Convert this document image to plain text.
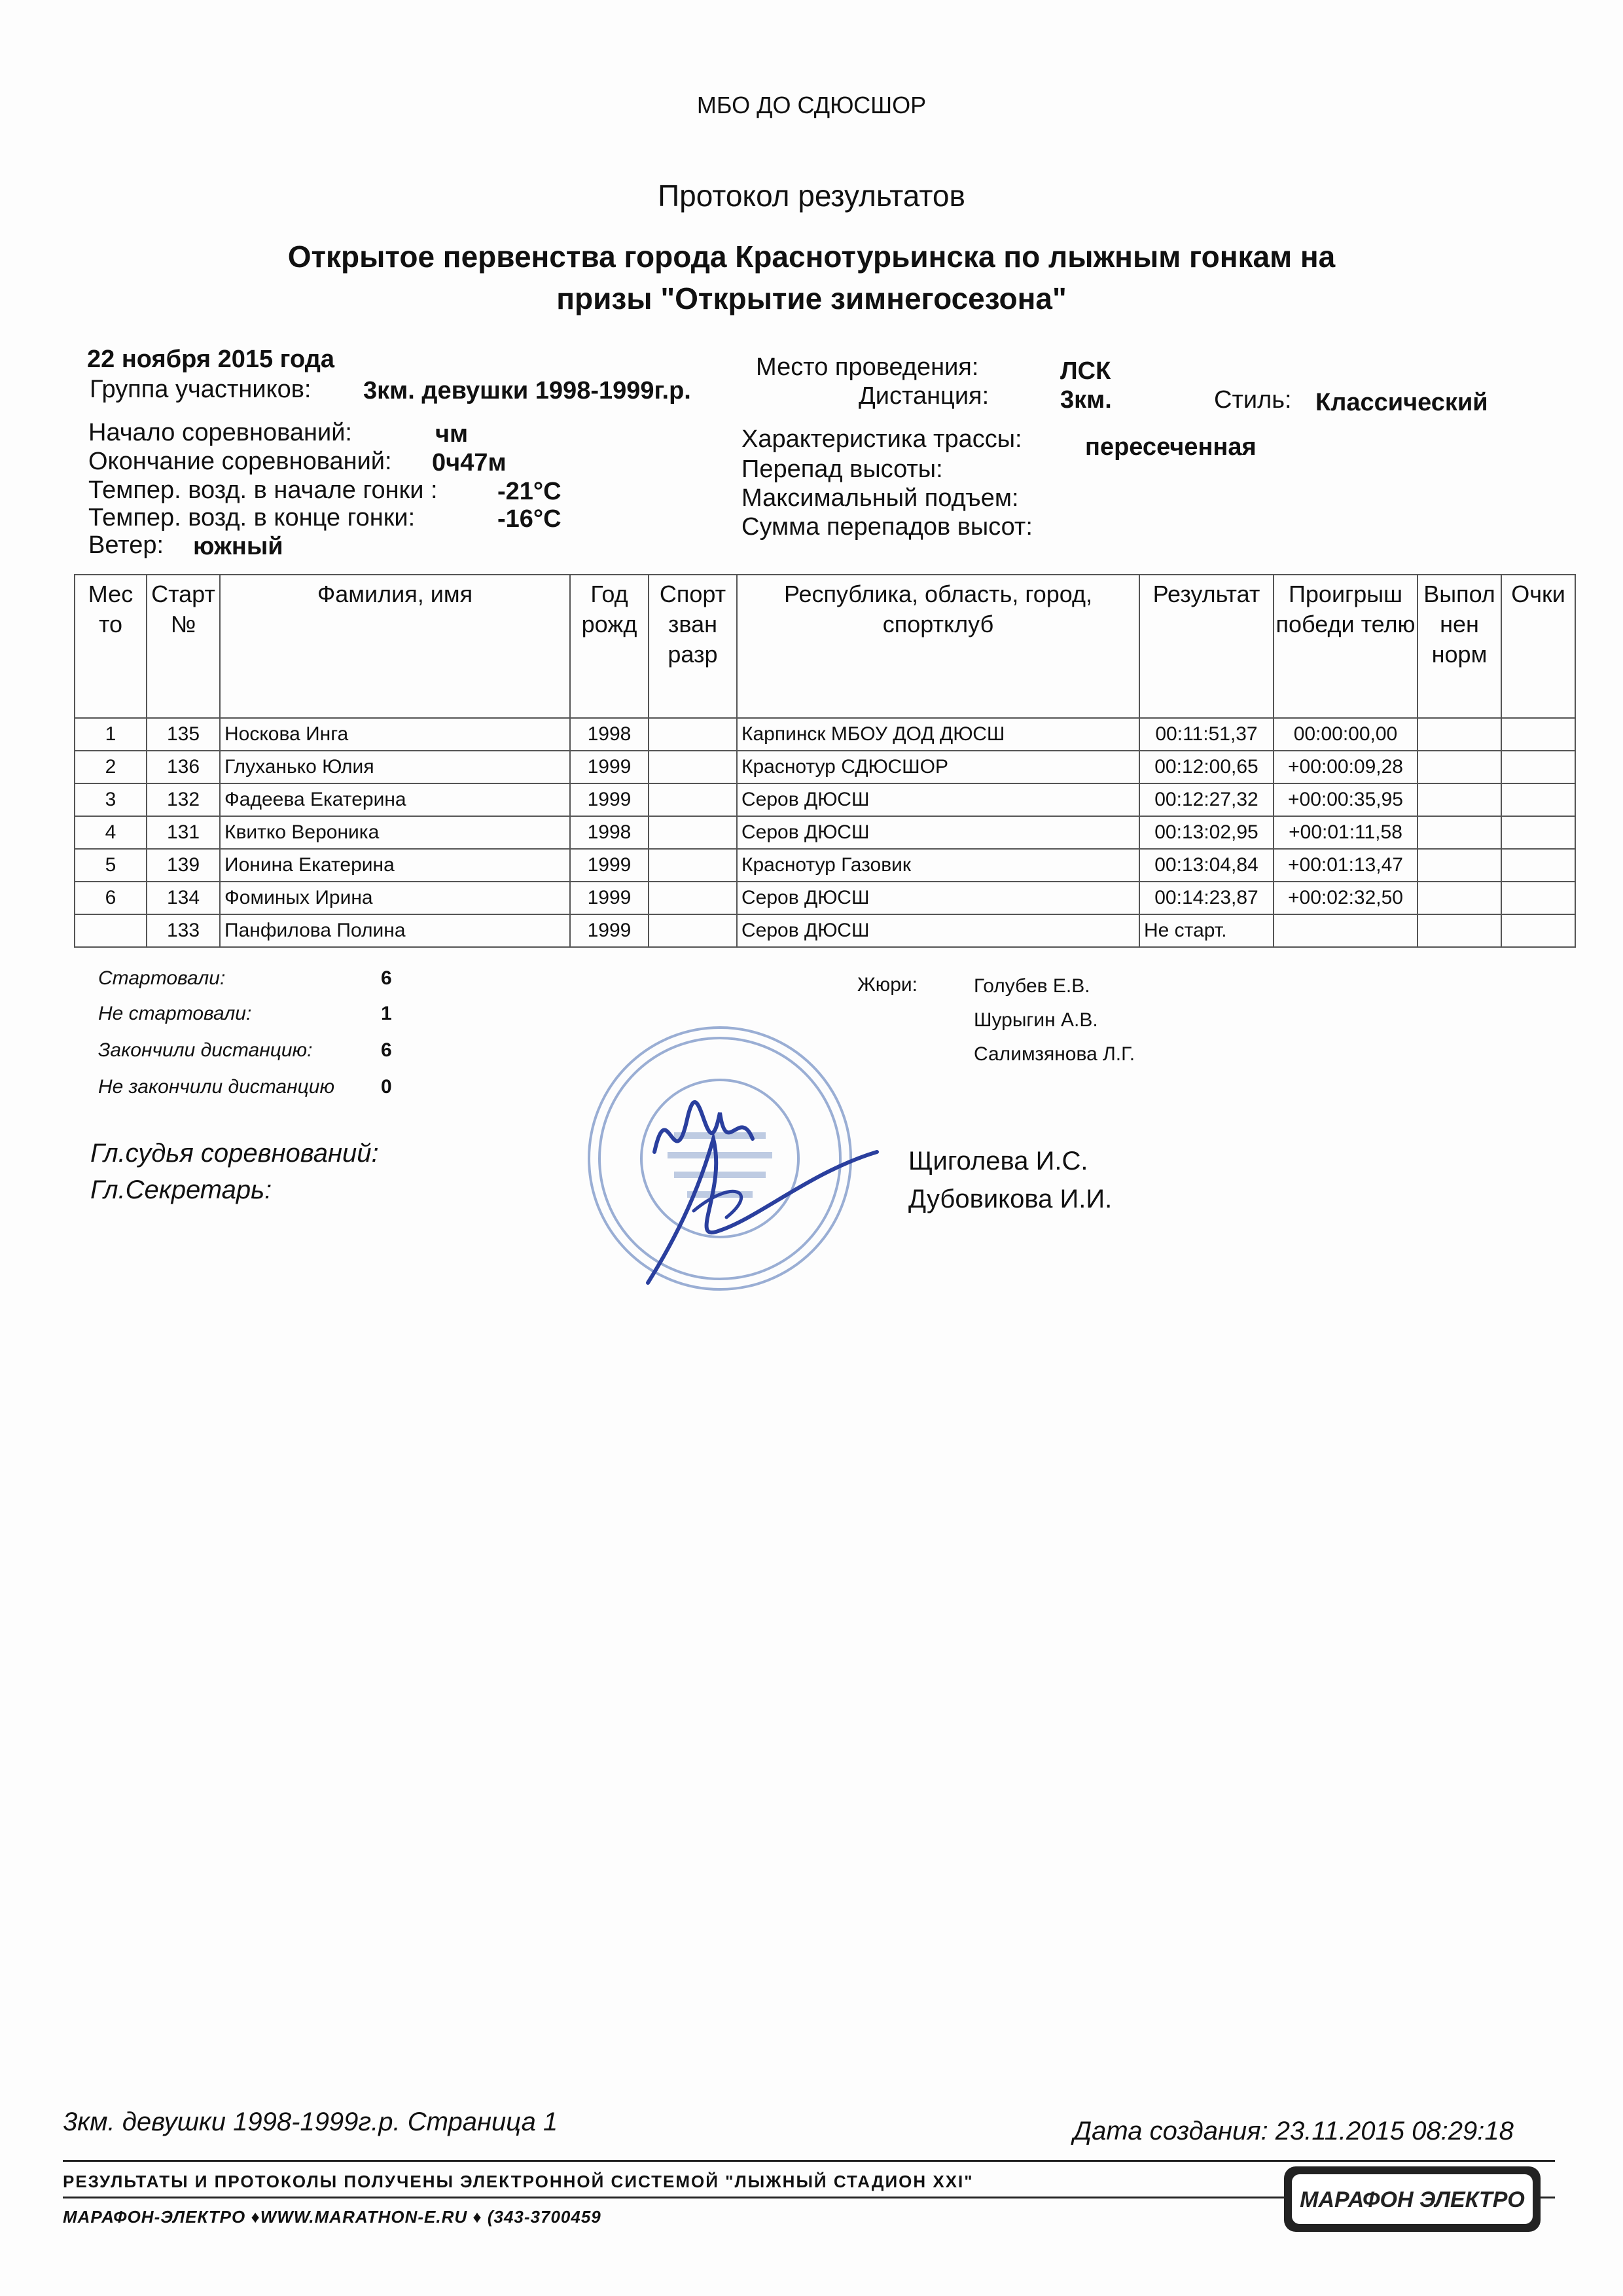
МБО ДО СДЮСШОР
Протокол результатов
Открытое первенства города Краснотурьинска по лыжным гонкам на
призы "Открытие зимнегосезона"
22 ноября 2015 года
Группа участников: 3км. девушки 1998-1999г.р.
Начало соревнований:	чм
Окончание соревнований: 0ч47м
Темпер. возд. в начале гонки : -21°C
Темпер. возд. в конце гонки:	-16°C
Ветер: южный
Место проведения:	ЛСК
Дистанция:	3км.	Стиль: Классический
Характеристика трассы:	пересеченная
Перепад высоты:
Максимальный подъем:
Сумма перепадов высот:
Мес то	Старт №	Фамилия, имя	Год рожд	Спорт зван разр	Республика, область, город, спортклуб	Результат	Проигрыш победи телю	Выпол нен норм	Очки
1	135	Носкова Инга	1998		Карпинск МБОУ ДОД ДЮСШ	00:11:51,37	00:00:00,00		
2	136	Глуханько Юлия	1999		Краснотур СДЮСШОР	00:12:00,65	+00:00:09,28		
3	132	Фадеева Екатерина	1999		Серов ДЮСШ	00:12:27,32	+00:00:35,95		
4	131	Квитко Вероника	1998		Серов ДЮСШ	00:13:02,95	+00:01:11,58		
5	139	Ионина Екатерина	1999		Краснотур Газовик	00:13:04,84	+00:01:13,47		
6	134	Фоминых Ирина	1999		Серов ДЮСШ	00:14:23,87	+00:02:32,50		
	133	Панфилова Полина	1999		Серов ДЮСШ	Не старт.			
Стартовали:	6
Не стартовали:	1
Закончили дистанцию:	6
Не закончили дистанцию 0
Жюри:	Голубев Е.В.
Шурыгин А.В.
Салимзянова Л.Г.
Гл.судья соревнований:	Щиголева И.С.
Гл.Секретарь:	Дубовикова И.И.
3км. девушки 1998-1999г.р. Страница 1	Дата создания: 23.11.2015 08:29:18
РЕЗУЛЬТАТЫ И ПРОТОКОЛЫ ПОЛУЧЕНЫ ЭЛЕКТРОННОЙ СИСТЕМОЙ "ЛЫЖНЫЙ СТАДИОН XXI"
МАРАФОН-ЭЛЕКТРО ♦WWW.MARATHON-E.RU ♦ (343-3700459
МАРАФОН ЭЛЕКТРО
